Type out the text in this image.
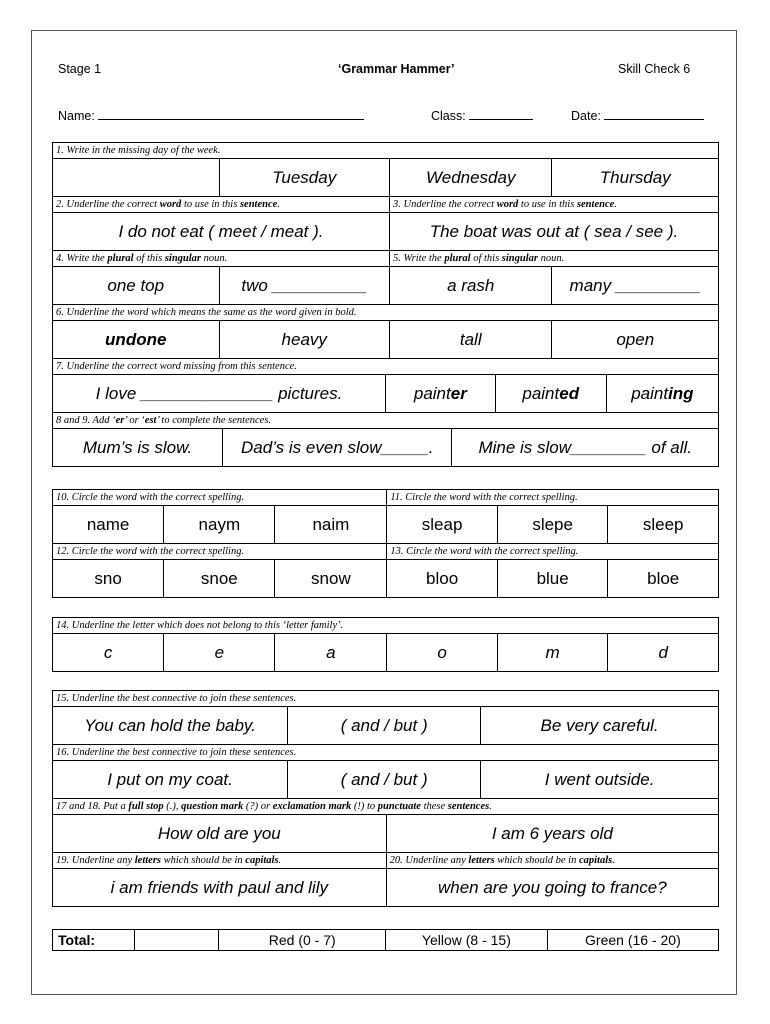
Stage 1	‘Grammar Hammer’	Skill Check 6
Name:	Class:	Date:
1. Write in the missing day of the week.
	Tuesday	Wednesday	Thursday
2. Underline the correct word to use in this sentence.	3. Underline the correct word to use in this sentence.
I do not eat ( meet / meat ).	The boat was out at ( sea / see ).
4. Write the plural of this singular noun.	5. Write the plural of this singular noun.
one top	two __________	a rash	many _________
6. Underline the word which means the same as the word given in bold.
undone	heavy	tall	open
7. Underline the correct word missing from this sentence.

I love ______________ pictures.	painter	painted	painting

8 and 9. Add ‘er’ or ‘est’ to complete the sentences.

Mum’s is slow.	Dad’s is even slow_____.	Mine is slow________ of all.
10. Circle the word with the correct spelling.			11. Circle the word with the correct spelling.		
name	naym	naim	sleap	slepe	sleep
12. Circle the word with the correct spelling.			13. Circle the word with the correct spelling.		
sno	snoe	snow	bloo	blue	bloe
14. Underline the letter which does not belong to this ‘letter family’.
c	e	a	o	m	d
15. Underline the best connective to join these sentences.			
You can hold the baby.	( and / but )		Be very careful.
16. Underline the best connective to join these sentences.			
I put on my coat.	( and / but )		I went outside.
17 and 18. Put a full stop (.), question mark (?) or exclamation mark (!) to punctuate these sentences.			
How old are you		I am 6 years old	
19. Underline any letters which should be in capitals.		20. Underline any letters which should be in capitals.	
i am friends with paul and lily		when are you going to france?	
Total:		Red (0 - 7)	Yellow (8 - 15)	Green (16 - 20)
